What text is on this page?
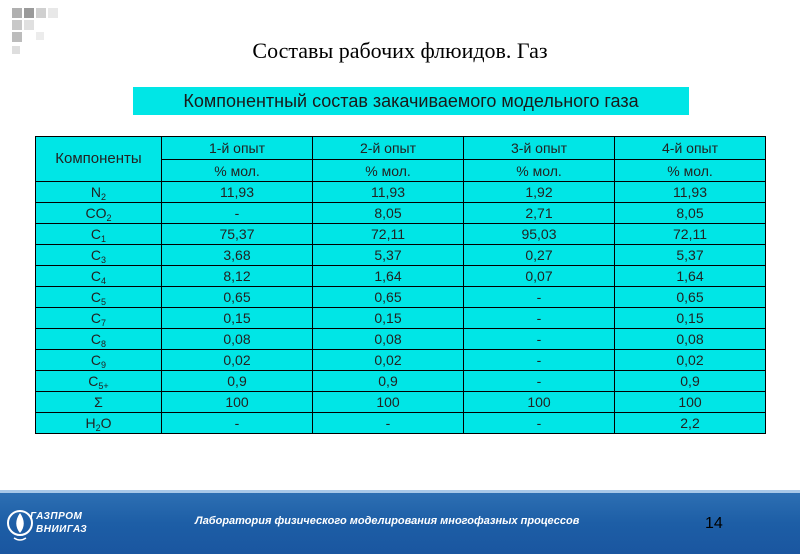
Составы рабочих флюидов. Газ
Компонентный состав закачиваемого модельного газа
Компоненты	1-й опыт	2-й опыт	3-й опыт	4-й опыт
	% мол.	% мол.	% мол.	% мол.
$N_2$	11,93	11,93	1,92	11,93
$CO_2$	-	8,05	2,71	8,05
$C_1$	75,37	72,11	95,03	72,11
$C_3$	3,68	5,37	0,27	5,37
$C_4$	8,12	1,64	0,07	1,64
$C_5$	0,65	0,65	-	0,65
$C_7$	0,15	0,15	-	0,15
$C_8$	0,08	0,08	-	0,08
$C_9$	0,02	0,02	-	0,02
$C_{5+}$	0,9	0,9	-	0,9
Σ	100	100	100	100
$H_2O$	-	-	-	2,2
ГАЗПРОМ
ВНИИГАЗ
Лаборатория физического моделирования многофазных процессов	14
